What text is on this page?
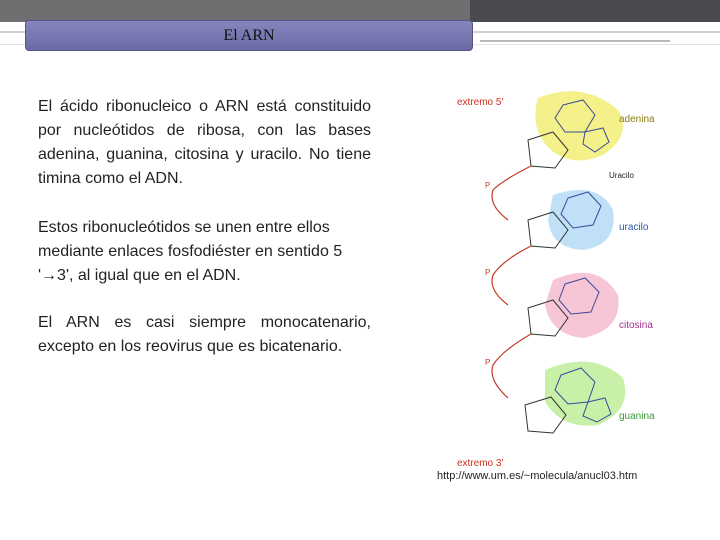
El ARN

El ácido ribonucleico o ARN está constituido por nucleótidos de ribosa, con las bases adenina, guanina, citosina y uracilo. No tiene timina como el ADN.

Estos ribonucleótidos se unen entre ellos mediante enlaces fosfodiéster en sentido 5 '→3', al igual que en el ADN.

El ARN es casi siempre monocatenario, excepto en los reovirus que es bicatenario.

P
P
P
extremo 5'
adenina
Uracilo
uracilo
citosina
guanina
extremo 3'
http://www.um.es/~molecula/anucl03.htm
